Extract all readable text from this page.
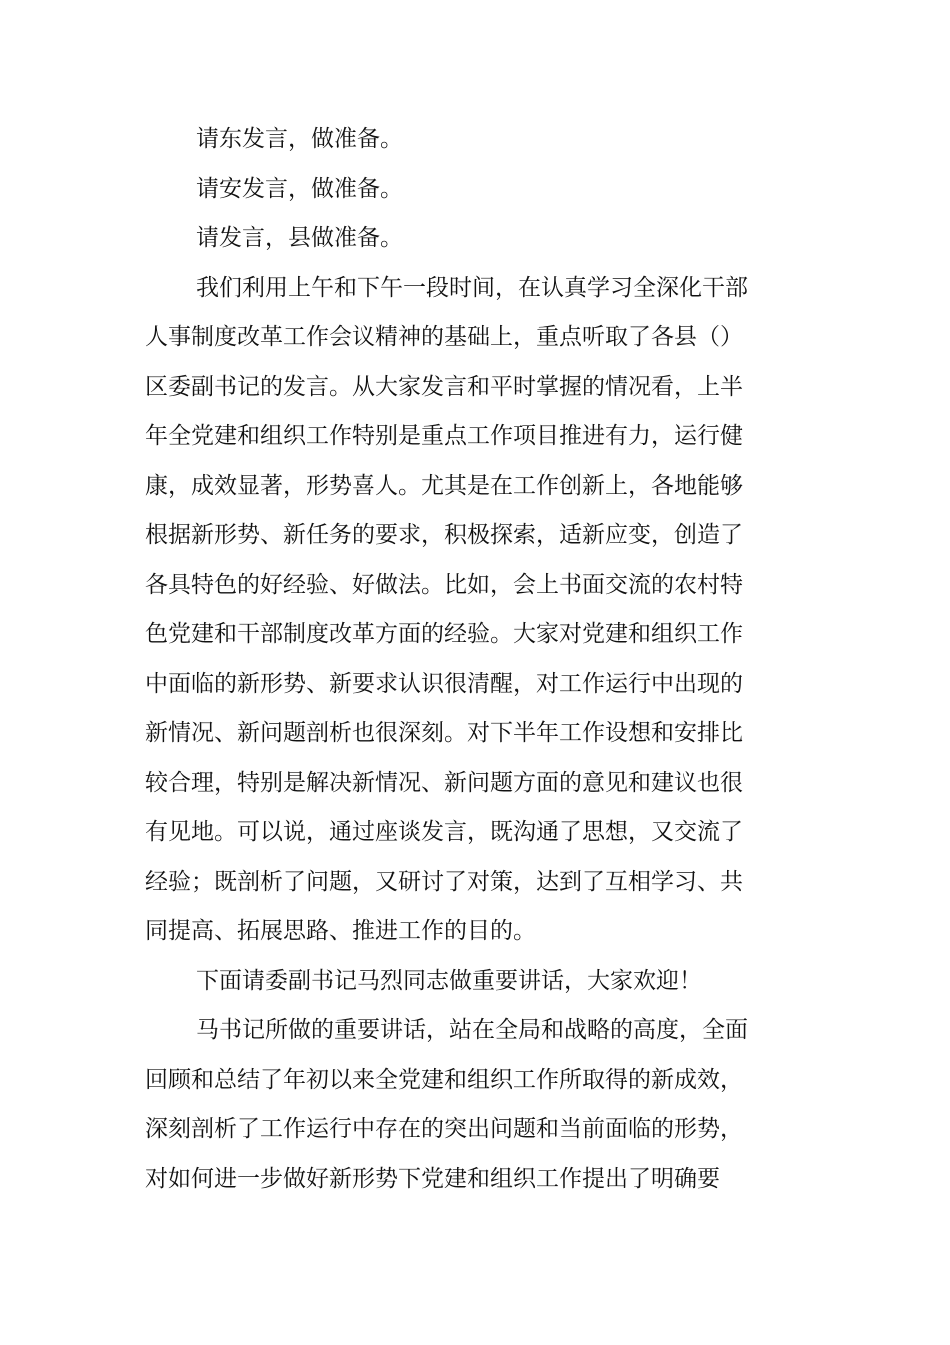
请东发言，做准备。
请安发言，做准备。
请发言，县做准备。
我们利用上午和下午一段时间，在认真学习全深化干部
人事制度改革工作会议精神的基础上，重点听取了各县（）
区委副书记的发言。从大家发言和平时掌握的情况看，上半
年全党建和组织工作特别是重点工作项目推进有力，运行健
康，成效显著，形势喜人。尤其是在工作创新上，各地能够
根据新形势、新任务的要求，积极探索，适新应变，创造了
各具特色的好经验、好做法。比如，会上书面交流的农村特
色党建和干部制度改革方面的经验。大家对党建和组织工作
中面临的新形势、新要求认识很清醒，对工作运行中出现的
新情况、新问题剖析也很深刻。对下半年工作设想和安排比
较合理，特别是解决新情况、新问题方面的意见和建议也很
有见地。可以说，通过座谈发言，既沟通了思想，又交流了
经验；既剖析了问题，又研讨了对策，达到了互相学习、共
同提高、拓展思路、推进工作的目的。
下面请委副书记马烈同志做重要讲话，大家欢迎！
马书记所做的重要讲话，站在全局和战略的高度，全面
回顾和总结了年初以来全党建和组织工作所取得的新成效，
深刻剖析了工作运行中存在的突出问题和当前面临的形势，
对如何进一步做好新形势下党建和组织工作提出了明确要
